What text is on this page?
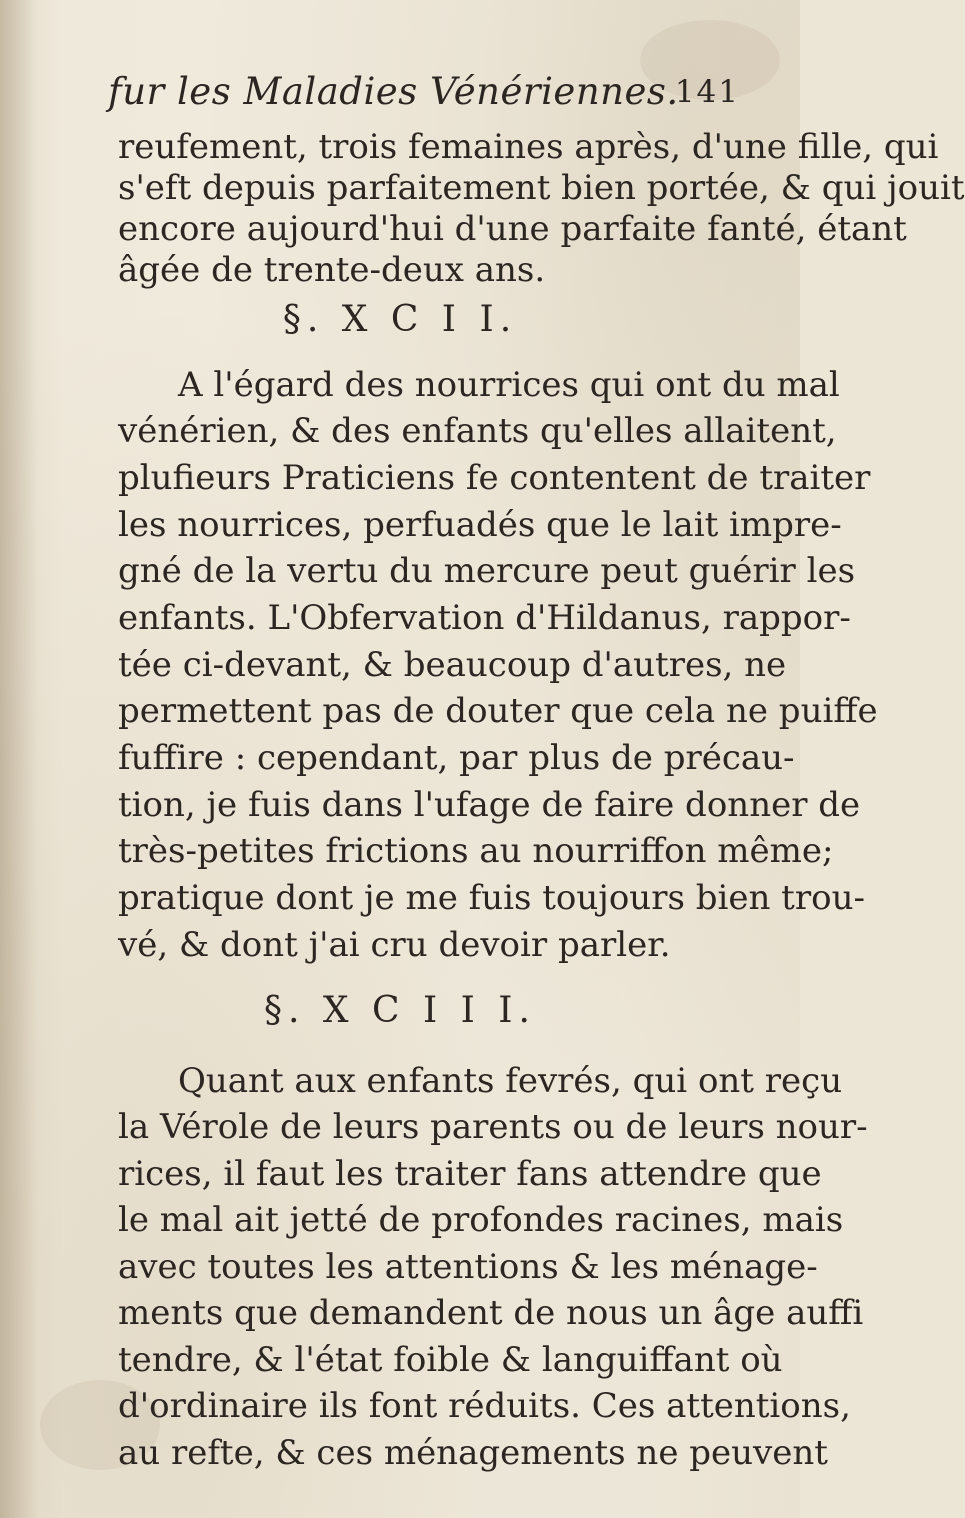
fur les Maladies Vénériennes.
141
reufement, trois femaines après, d'une fille, qui
s'eft depuis parfaitement bien portée, & qui jouit
encore aujourd'hui d'une parfaite fanté, étant
âgée de trente-deux ans.
§. X C I I.
A l'égard des nourrices qui ont du mal
vénérien, & des enfants qu'elles allaitent,
plufieurs Praticiens fe contentent de traiter
les nourrices, perfuadés que le lait impre-
gné de la vertu du mercure peut guérir les
enfants. L'Obfervation d'Hildanus, rappor-
tée ci-devant, & beaucoup d'autres, ne
permettent pas de douter que cela ne puiffe
fuffire : cependant, par plus de précau-
tion, je fuis dans l'ufage de faire donner de
très-petites frictions au nourriffon même;
pratique dont je me fuis toujours bien trou-
vé, & dont j'ai cru devoir parler.
§. X C I I I.
Quant aux enfants fevrés, qui ont reçu
la Vérole de leurs parents ou de leurs nour-
rices, il faut les traiter fans attendre que
le mal ait jetté de profondes racines, mais
avec toutes les attentions & les ménage-
ments que demandent de nous un âge auffi
tendre, & l'état foible & languiffant où
d'ordinaire ils font réduits. Ces attentions,
au refte, & ces ménagements ne peuvent
